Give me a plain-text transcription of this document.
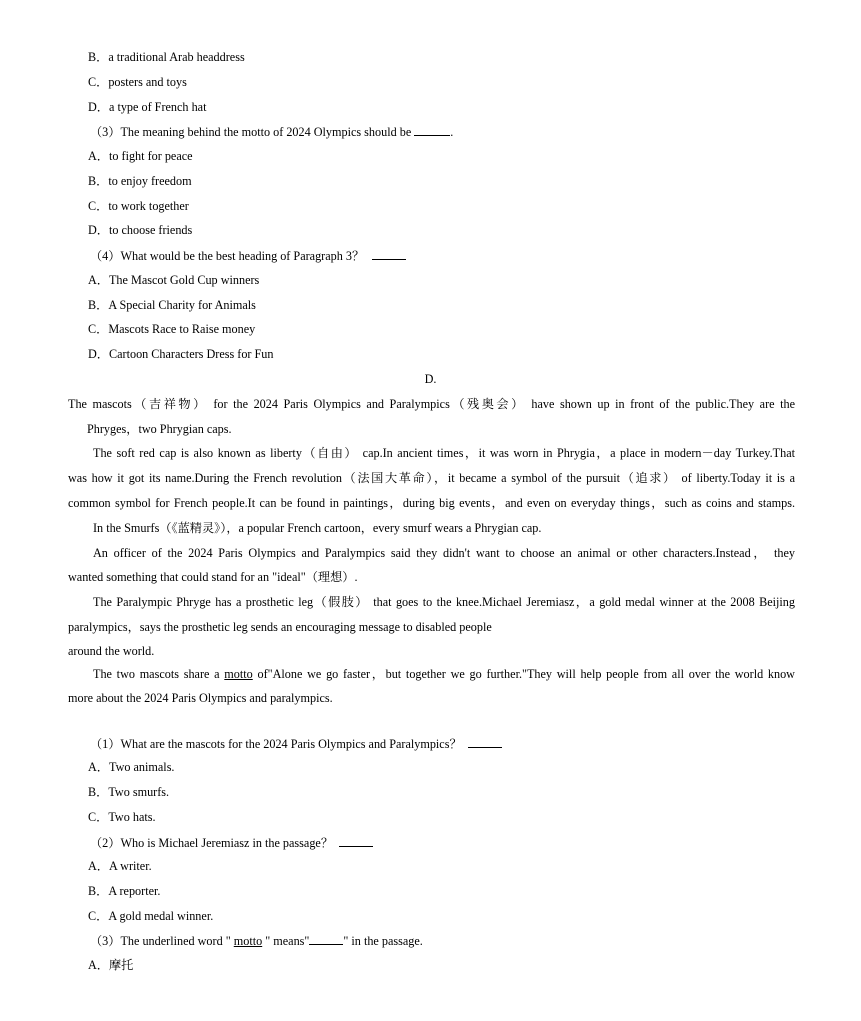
B．a traditional Arab headdress
C．posters and toys
D．a type of French hat
（3）The meaning behind the motto of 2024 Olympics should be	.
A．to fight for peace
B．to enjoy freedom
C．to work together
D．to choose friends
（4）What would be the best heading of Paragraph 3？
A．The Mascot Gold Cup winners
B．A Special Charity for Animals
C．Mascots Race to Raise money
D．Cartoon Characters Dress for Fun
D.
The mascots（吉祥物） for the 2024 Paris Olympics and Paralympics（残奥会） have shown up in front of the public.They are the
Phryges，two Phrygian caps.
The soft red cap is also known as liberty（自由） cap.In ancient times，it was worn in Phrygia，a place in modern－day Turkey.That
was how it got its name.During the French revolution（法国大革命），it became a symbol of the pursuit（追求） of liberty.Today it is a
common symbol for French people.It can be found in paintings，during big events，and even on everyday things，such as coins and stamps.
In the Smurfs（《蓝精灵》），a popular French cartoon，every smurf wears a Phrygian cap.
An officer of the 2024 Paris Olympics and Paralympics said they didn't want to choose an animal or other characters.Instead， they
wanted something that could stand for an "ideal"（理想）.
The Paralympic Phryge has a prosthetic leg（假肢） that goes to the knee.Michael Jeremiasz，a gold medal winner at the 2008 Beijing
paralympics，says the prosthetic leg sends an encouraging message to disabled people
around the world.
The two mascots share a motto of"Alone we go faster，but together we go further."They will help people from all over the world know
more about the 2024 Paris Olympics and paralympics.
（1）What are the mascots for the 2024 Paris Olympics and Paralympics？
A．Two animals.
B．Two smurfs.
C．Two hats.
（2）Who is Michael Jeremiasz in the passage？
A．A writer.
B．A reporter.
C．A gold medal winner.
（3）The underlined word " motto " means"	" in the passage.
A．摩托
